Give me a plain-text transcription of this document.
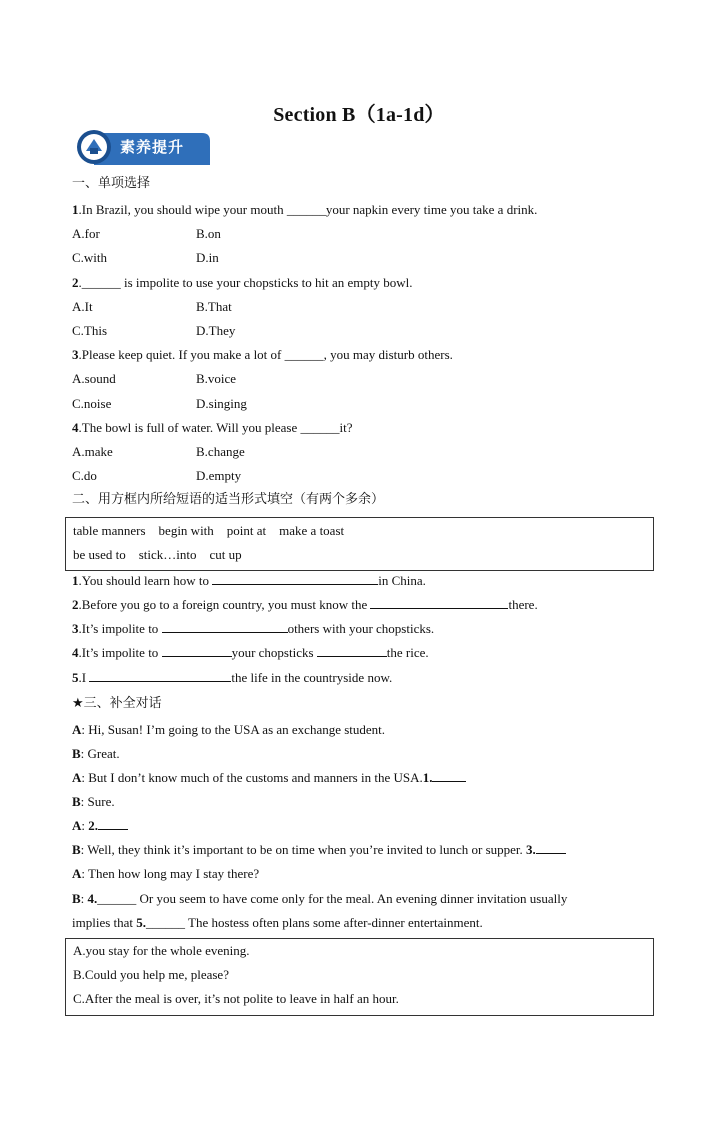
Section B（1a-1d）
素养提升
一、单项选择
1.In Brazil, you should wipe your mouth ______your napkin every time you take a drink.
A.for	B.on
C.with	D.in
2.______ is impolite to use your chopsticks to hit an empty bowl.
A.It	B.That
C.This	D.They
3.Please keep quiet. If you make a lot of ______, you may disturb others.
A.sound	B.voice
C.noise	D.singing
4.The bowl is full of water. Will you please ______it?
A.make	B.change
C.do	D.empty
二、用方框内所给短语的适当形式填空（有两个多余）
table manners    begin with    point at    make a toast
be used to    stick…into    cut up
1.You should learn how to	in China.
2.Before you go to a foreign country, you must know the	there.
3.It’s impolite to	others with your chopsticks.
4.It’s impolite to	your chopsticks	the rice.
5.I	the life in the countryside now.
★三、补全对话
A: Hi, Susan! I’m going to the USA as an exchange student.
B: Great.
A: But I don’t know much of the customs and manners in the USA.1.
B: Sure.
A: 2.
B: Well, they think it’s important to be on time when you’re invited to lunch or supper. 3.
A: Then how long may I stay there?
B: 4.______ Or you seem to have come only for the meal. An evening dinner invitation usually
implies that 5.______ The hostess often plans some after-dinner entertainment.
A.you stay for the whole evening.
B.Could you help me, please?
C.After the meal is over, it’s not polite to leave in half an hour.
